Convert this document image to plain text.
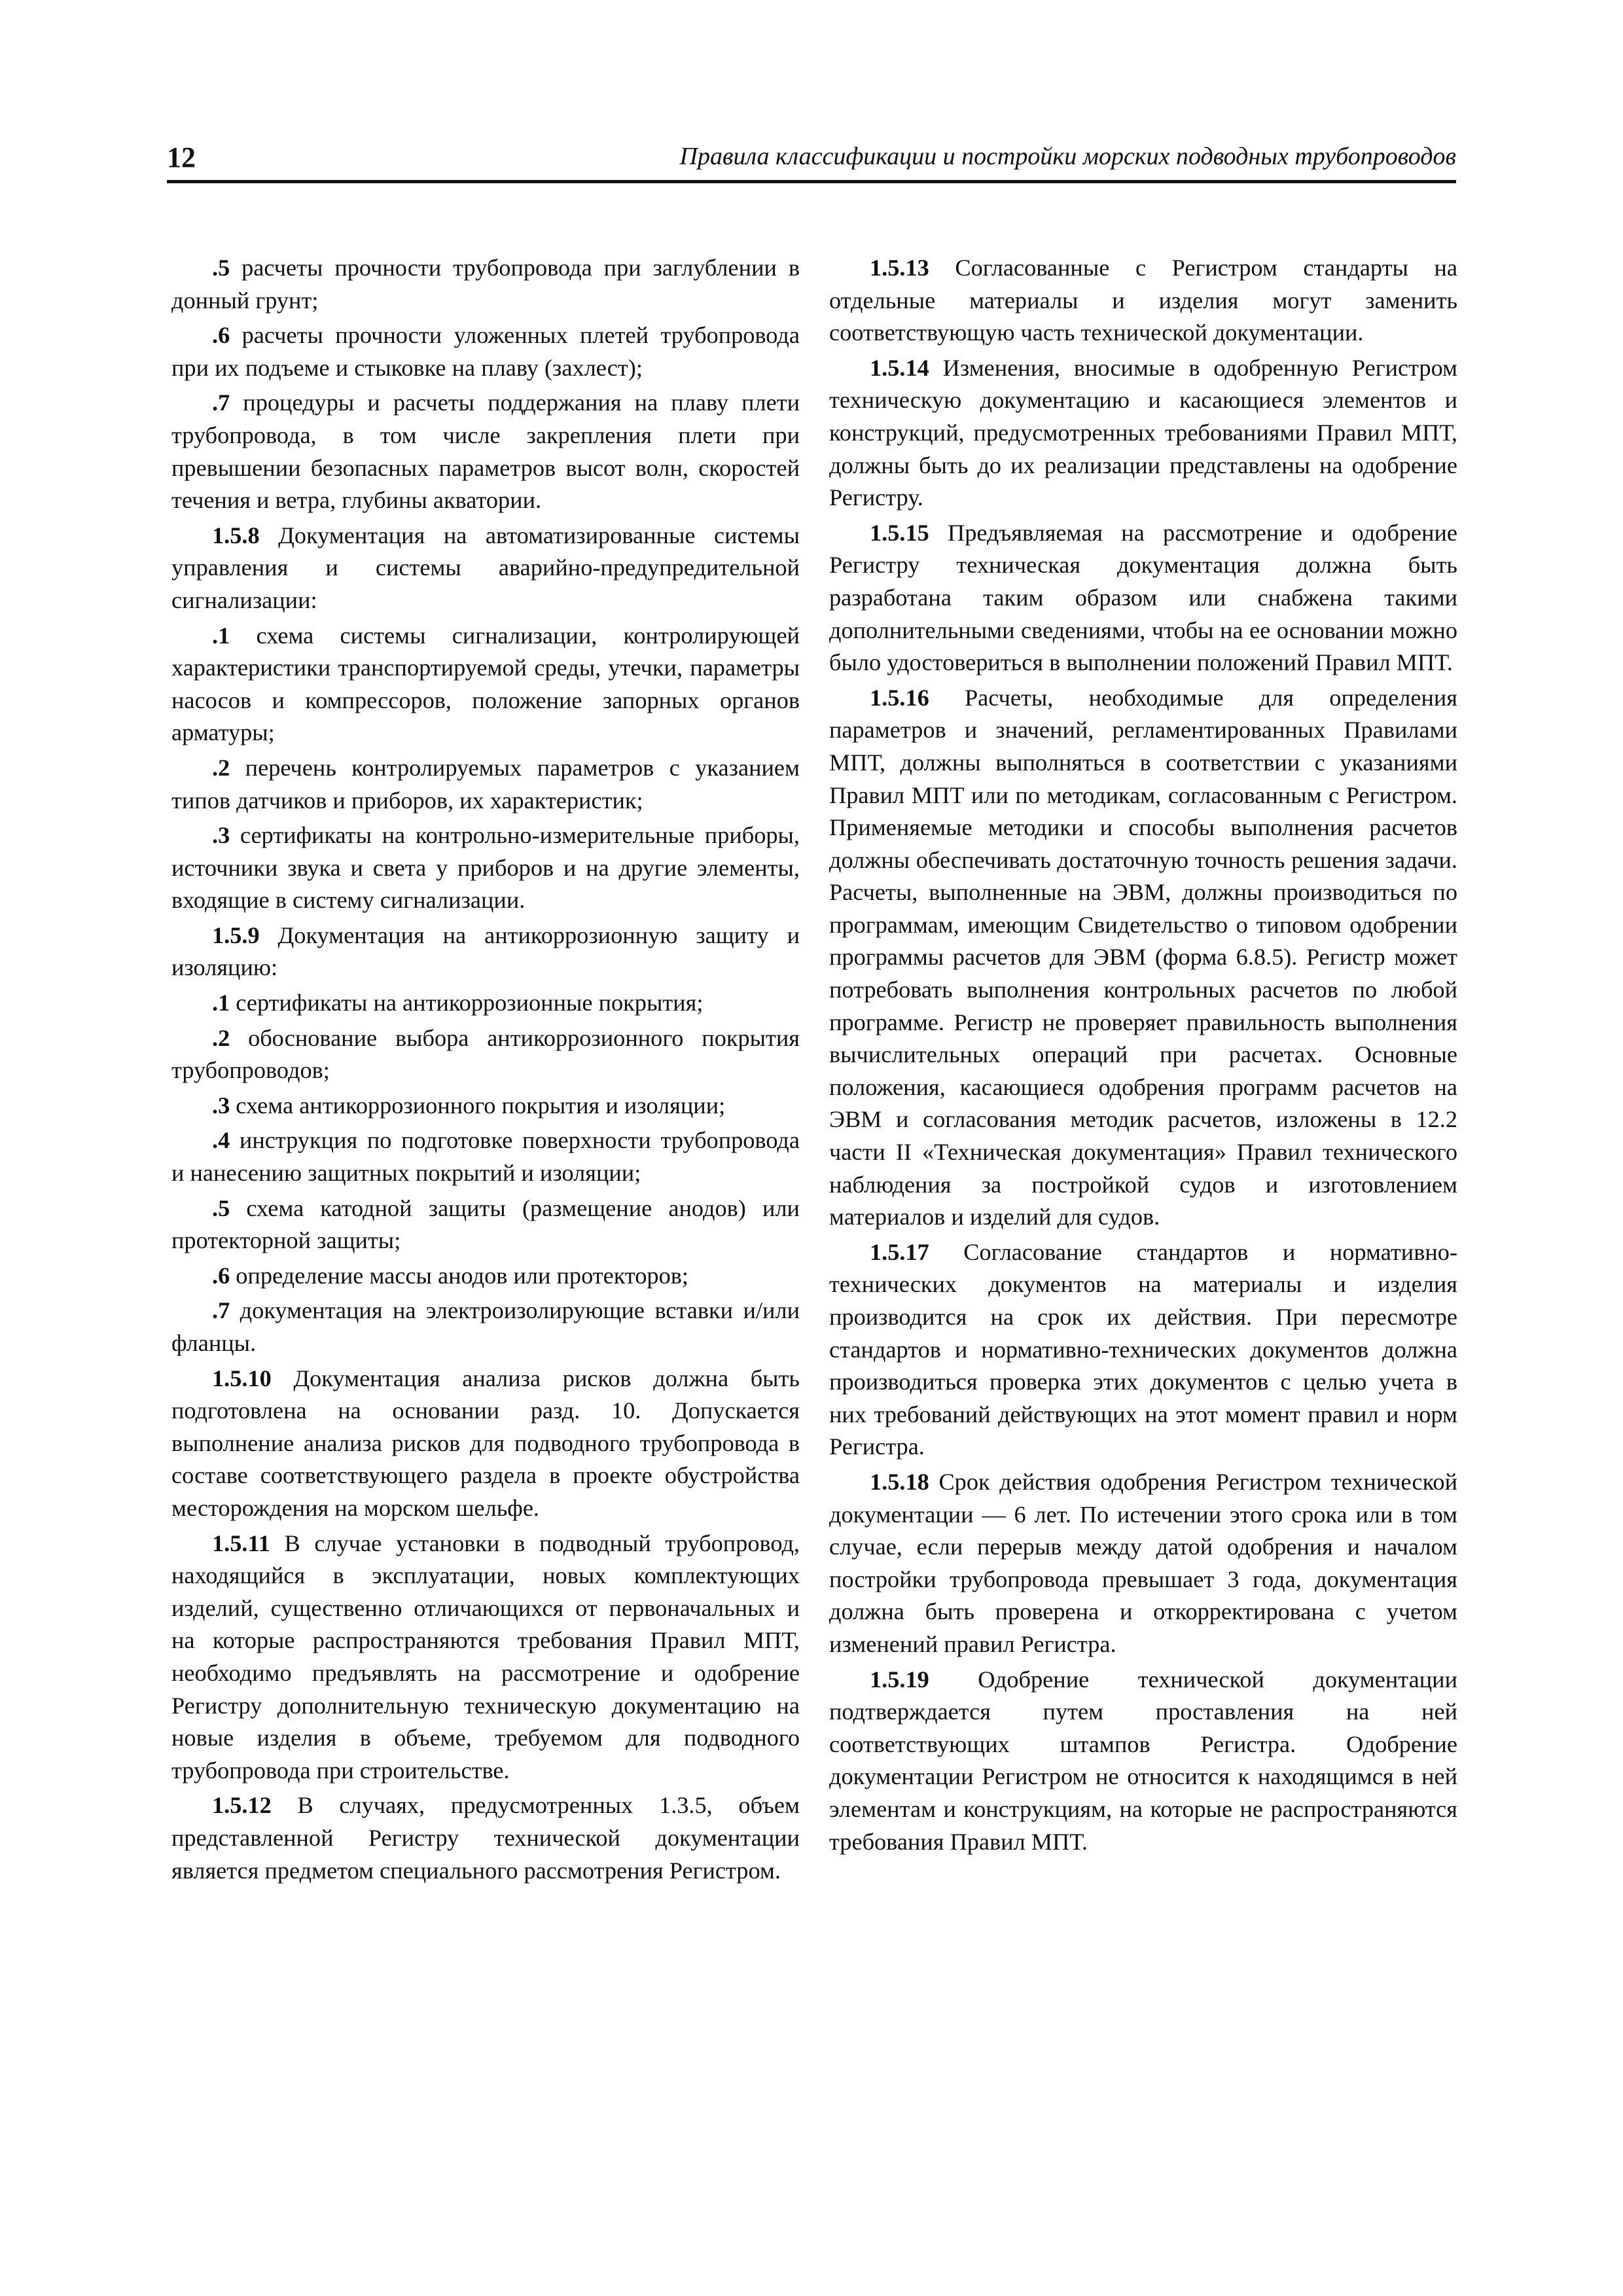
12	Правила классификации и постройки морских подводных трубопроводов

.5 расчеты прочности трубопровода при заглублении в донный грунт;

.6 расчеты прочности уложенных плетей трубопровода при их подъеме и стыковке на плаву (захлест);

.7 процедуры и расчеты поддержания на плаву плети трубопровода, в том числе закрепления плети при превышении безопасных параметров высот волн, скоростей течения и ветра, глубины акватории.

1.5.8 Документация на автоматизированные системы управления и системы аварийно-предупредительной сигнализации:

.1 схема системы сигнализации, контролирующей характеристики транспортируемой среды, утечки, параметры насосов и компрессоров, положение запорных органов арматуры;

.2 перечень контролируемых параметров с указанием типов датчиков и приборов, их характеристик;

.3 сертификаты на контрольно-измерительные приборы, источники звука и света у приборов и на другие элементы, входящие в систему сигнализации.

1.5.9 Документация на антикоррозионную защиту и изоляцию:

.1 сертификаты на антикоррозионные покрытия;

.2 обоснование выбора антикоррозионного покрытия трубопроводов;

.3 схема антикоррозионного покрытия и изоляции;

.4 инструкция по подготовке поверхности трубопровода и нанесению защитных покрытий и изоляции;

.5 схема катодной защиты (размещение анодов) или протекторной защиты;

.6 определение массы анодов или протекторов;

.7 документация на электроизолирующие вставки и/или фланцы.

1.5.10 Документация анализа рисков должна быть подготовлена на основании разд. 10. Допускается выполнение анализа рисков для подводного трубопровода в составе соответствующего раздела в проекте обустройства месторождения на морском шельфе.

1.5.11 В случае установки в подводный трубопровод, находящийся в эксплуатации, новых комплектующих изделий, существенно отличающихся от первоначальных и на которые распространяются требования Правил МПТ, необходимо предъявлять на рассмотрение и одобрение Регистру дополнительную техническую документацию на новые изделия в объеме, требуемом для подводного трубопровода при строительстве.

1.5.12 В случаях, предусмотренных 1.3.5, объем представленной Регистру технической документации является предметом специального рассмотрения Регистром.

1.5.13 Согласованные с Регистром стандарты на отдельные материалы и изделия могут заменить соответствующую часть технической документации.

1.5.14 Изменения, вносимые в одобренную Регистром техническую документацию и касающиеся элементов и конструкций, предусмотренных требованиями Правил МПТ, должны быть до их реализации представлены на одобрение Регистру.

1.5.15 Предъявляемая на рассмотрение и одобрение Регистру техническая документация должна быть разработана таким образом или снабжена такими дополнительными сведениями, чтобы на ее основании можно было удостовериться в выполнении положений Правил МПТ.

1.5.16 Расчеты, необходимые для определения параметров и значений, регламентированных Правилами МПТ, должны выполняться в соответствии с указаниями Правил МПТ или по методикам, согласованным с Регистром. Применяемые методики и способы выполнения расчетов должны обеспечивать достаточную точность решения задачи. Расчеты, выполненные на ЭВМ, должны производиться по программам, имеющим Свидетельство о типовом одобрении программы расчетов для ЭВМ (форма 6.8.5). Регистр может потребовать выполнения контрольных расчетов по любой программе. Регистр не проверяет правильность выполнения вычислительных операций при расчетах. Основные положения, касающиеся одобрения программ расчетов на ЭВМ и согласования методик расчетов, изложены в 12.2 части II «Техническая документация» Правил технического наблюдения за постройкой судов и изготовлением материалов и изделий для судов.

1.5.17 Согласование стандартов и нормативно-технических документов на материалы и изделия производится на срок их действия. При пересмотре стандартов и нормативно-технических документов должна производиться проверка этих документов с целью учета в них требований действующих на этот момент правил и норм Регистра.

1.5.18 Срок действия одобрения Регистром технической документации — 6 лет. По истечении этого срока или в том случае, если перерыв между датой одобрения и началом постройки трубопровода превышает 3 года, документация должна быть проверена и откорректирована с учетом изменений правил Регистра.

1.5.19 Одобрение технической документации подтверждается путем проставления на ней соответствующих штампов Регистра. Одобрение документации Регистром не относится к находящимся в ней элементам и конструкциям, на которые не распространяются требования Правил МПТ.
